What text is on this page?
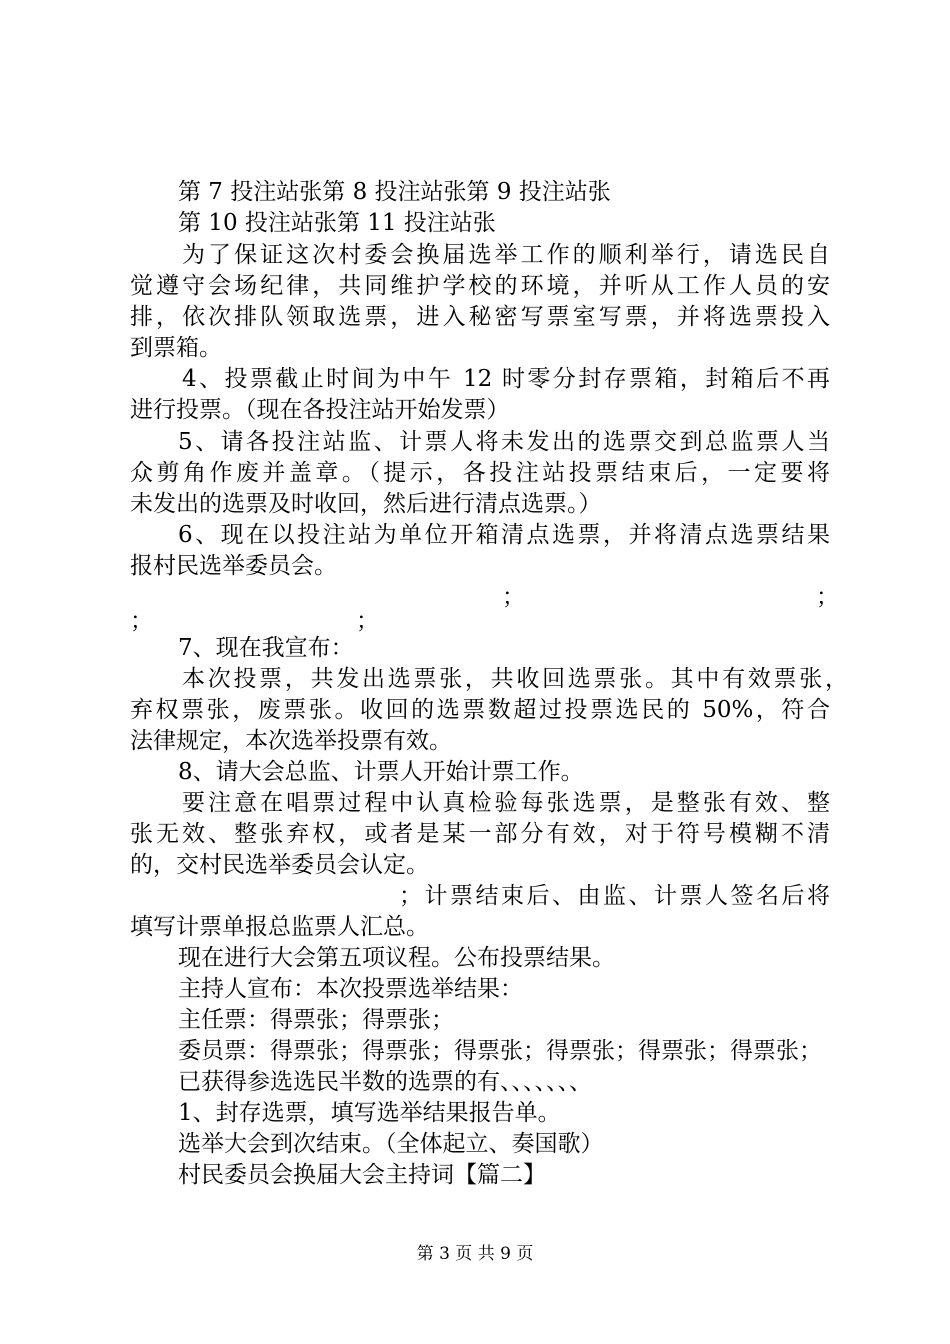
第 7 投注站张第 8 投注站张第 9 投注站张
第 10 投注站张第 11 投注站张
为了保证这次村委会换届选举工作的顺利举行，请选民自
觉遵守会场纪律，共同维护学校的环境，并听从工作人员的安
排，依次排队领取选票，进入秘密写票室写票，并将选票投入
到票箱。
4、投票截止时间为中午 12 时零分封存票箱，封箱后不再
进行投票。（现在各投注站开始发票）
5、请各投注站监、计票人将未发出的选票交到总监票人当
众剪角作废并盖章。（提示，各投注站投票结束后，一定要将
未发出的选票及时收回，然后进行清点选票。）
6、现在以投注站为单位开箱清点选票，并将清点选票结果
报村民选举委员会。
；	；
；	；
7、现在我宣布：
本次投票，共发出选票张，共收回选票张。其中有效票张，
弃权票张，废票张。收回的选票数超过投票选民的 50%，符合
法律规定，本次选举投票有效。
8、请大会总监、计票人开始计票工作。
要注意在唱票过程中认真检验每张选票，是整张有效、整
张无效、整张弃权，或者是某一部分有效，对于符号模糊不清
的，交村民选举委员会认定。
；计票结束后、由监、计票人签名后将
填写计票单报总监票人汇总。
现在进行大会第五项议程。公布投票结果。
主持人宣布：本次投票选举结果：
主任票：得票张；得票张；
委员票：得票张；得票张；得票张；得票张；得票张；得票张；
已获得参选选民半数的选票的有、、、、、、、
1、封存选票，填写选举结果报告单。
选举大会到次结束。（全体起立、奏国歌）
村民委员会换届大会主持词【篇二】
第 3 页 共 9 页
